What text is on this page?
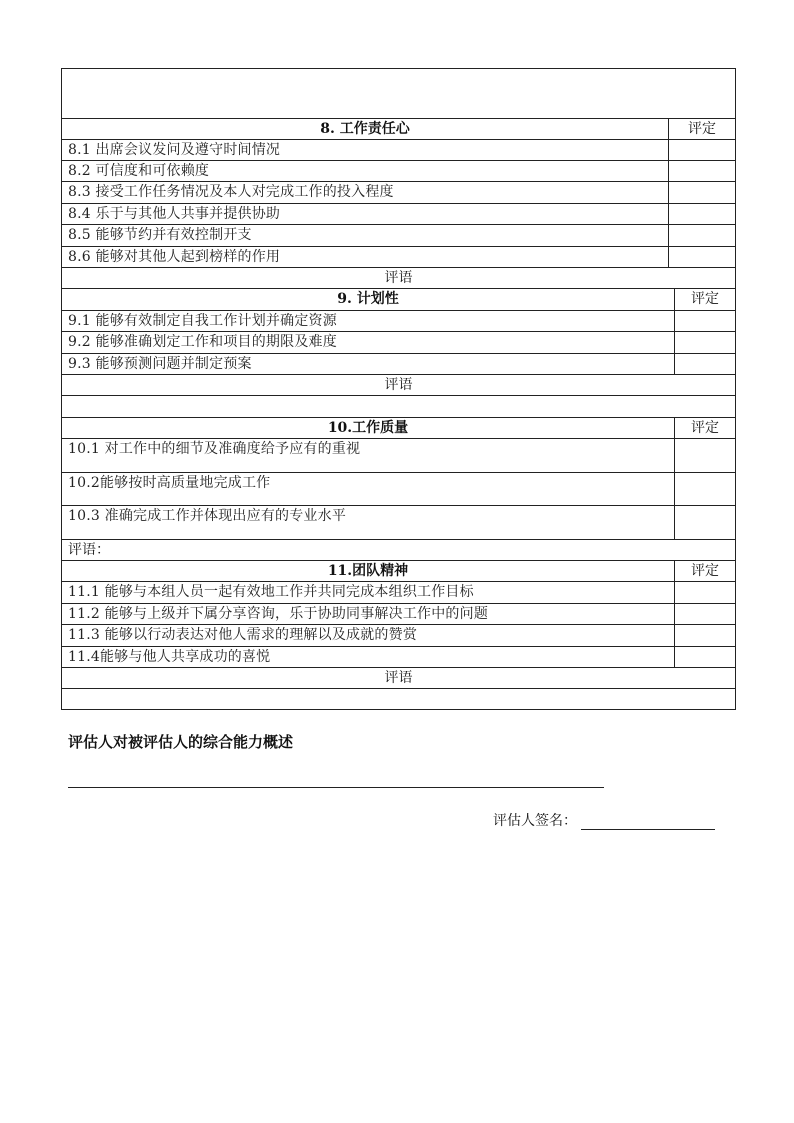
8. 工作责任心	评定
8.1 出席会议发问及遵守时间情况
8.2 可信度和可依赖度
8.3 接受工作任务情况及本人对完成工作的投入程度
8.4 乐于与其他人共事并提供协助
8.5 能够节约并有效控制开支
8.6 能够对其他人起到榜样的作用
评语
9. 计划性	评定
9.1 能够有效制定自我工作计划并确定资源
9.2 能够准确划定工作和项目的期限及难度
9.3 能够预测问题并制定预案
评语
10.工作质量	评定
10.1 对工作中的细节及准确度给予应有的重视
10.2能够按时高质量地完成工作
10.3 准确完成工作并体现出应有的专业水平
评语：
11.团队精神	评定
11.1 能够与本组人员一起有效地工作并共同完成本组织工作目标
11.2 能够与上级并下属分享咨询，乐于协助同事解决工作中的问题
11.3 能够以行动表达对他人需求的理解以及成就的赞赏
11.4能够与他人共享成功的喜悦
评语
评估人对被评估人的综合能力概述
评估人签名：
